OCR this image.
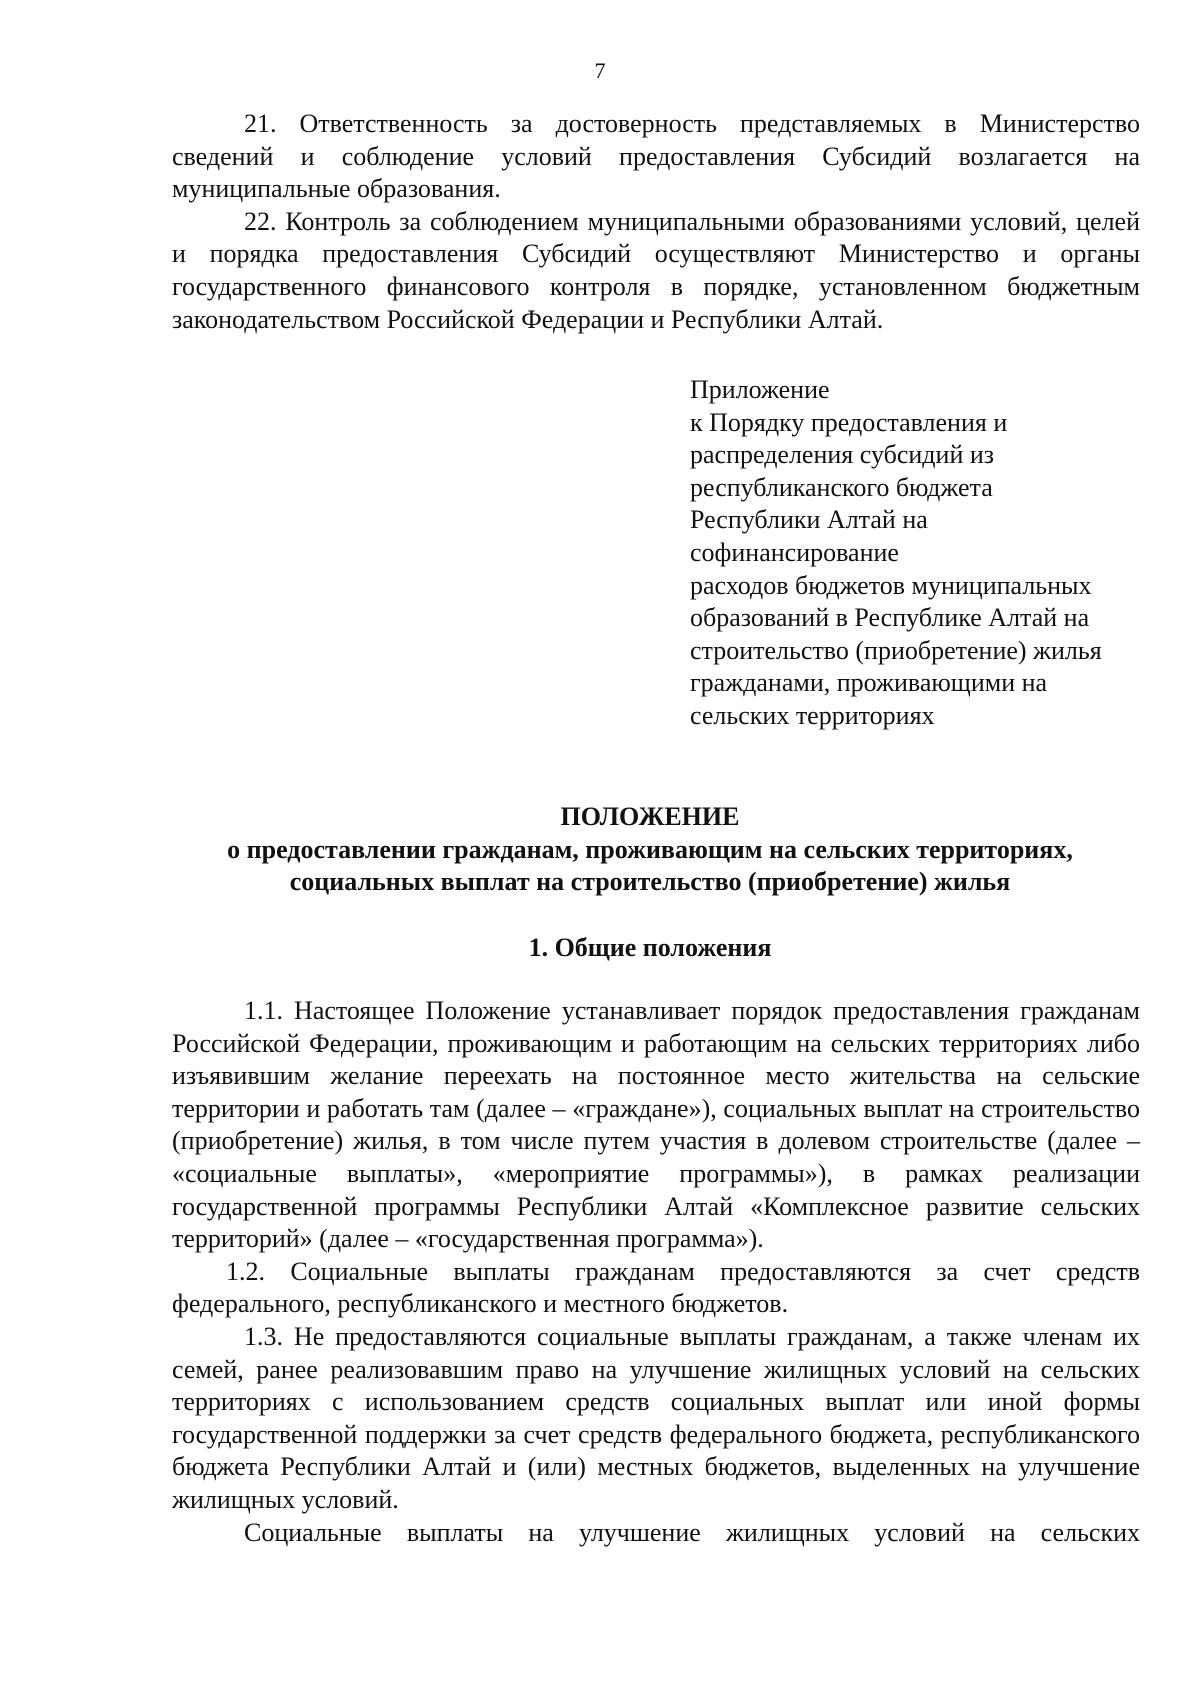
7

21. Ответственность за достоверность представляемых в Министерство сведений и соблюдение условий предоставления Субсидий возлагается на муниципальные образования.

22. Контроль за соблюдением муниципальными образованиями условий, целей и порядка предоставления Субсидий осуществляют Министерство и органы государственного финансового контроля в порядке, установленном бюджетным законодательством Российской Федерации и Республики Алтай.

Приложение
к Порядку предоставления и
распределения субсидий из
республиканского бюджета
Республики Алтай на
софинансирование
расходов бюджетов муниципальных
образований в Республике Алтай на
строительство (приобретение) жилья
гражданами, проживающими на
сельских территориях
ПОЛОЖЕНИЕ
о предоставлении гражданам, проживающим на сельских территориях,
социальных выплат на строительство (приобретение) жилья
1. Общие положения

1.1. Настоящее Положение устанавливает порядок предоставления гражданам Российской Федерации, проживающим и работающим на сельских территориях либо изъявившим желание переехать на постоянное место жительства на сельские территории и работать там (далее – «граждане»), социальных выплат на строительство (приобретение) жилья, в том числе путем участия в долевом строительстве (далее – «социальные выплаты», «мероприятие программы»), в рамках реализации государственной программы Республики Алтай «Комплексное развитие сельских территорий» (далее – «государственная программа»).

1.2. Социальные выплаты гражданам предоставляются за счет средств федерального, республиканского и местного бюджетов.

1.3. Не предоставляются социальные выплаты гражданам, а также членам их семей, ранее реализовавшим право на улучшение жилищных условий на сельских территориях с использованием средств социальных выплат или иной формы государственной поддержки за счет средств федерального бюджета, республиканского бюджета Республики Алтай и (или) местных бюджетов, выделенных на улучшение жилищных условий.

Социальные выплаты на улучшение жилищных условий на сельских
